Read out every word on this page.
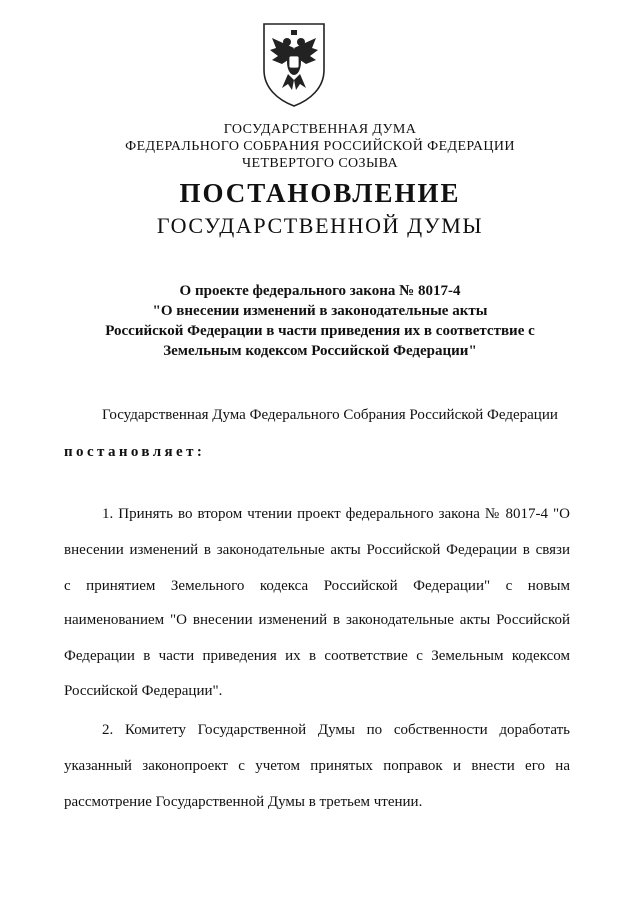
ГОСУДАРСТВЕННАЯ ДУМА
ФЕДЕРАЛЬНОГО СОБРАНИЯ РОССИЙСКОЙ ФЕДЕРАЦИИ
ЧЕТВЕРТОГО СОЗЫВА
ПОСТАНОВЛЕНИЕ
ГОСУДАРСТВЕННОЙ ДУМЫ
О проекте федерального закона № 8017-4
"О внесении изменений в законодательные акты
Российской Федерации в части приведения их в соответствие с
Земельным кодексом Российской Федерации"
Государственная Дума Федерального Собрания Российской Федерации
постановляет:
1. Принять во втором чтении проект федерального закона № 8017-4 "О
внесении изменений в законодательные акты Российской Федерации в связи
с принятием Земельного кодекса Российской Федерации" с новым
наименованием "О внесении изменений в законодательные акты Российской
Федерации в части приведения их в соответствие с Земельным кодексом
Российской Федерации".
2. Комитету Государственной Думы по собственности доработать
указанный законопроект с учетом принятых поправок и внести его на
рассмотрение Государственной Думы в третьем чтении.
